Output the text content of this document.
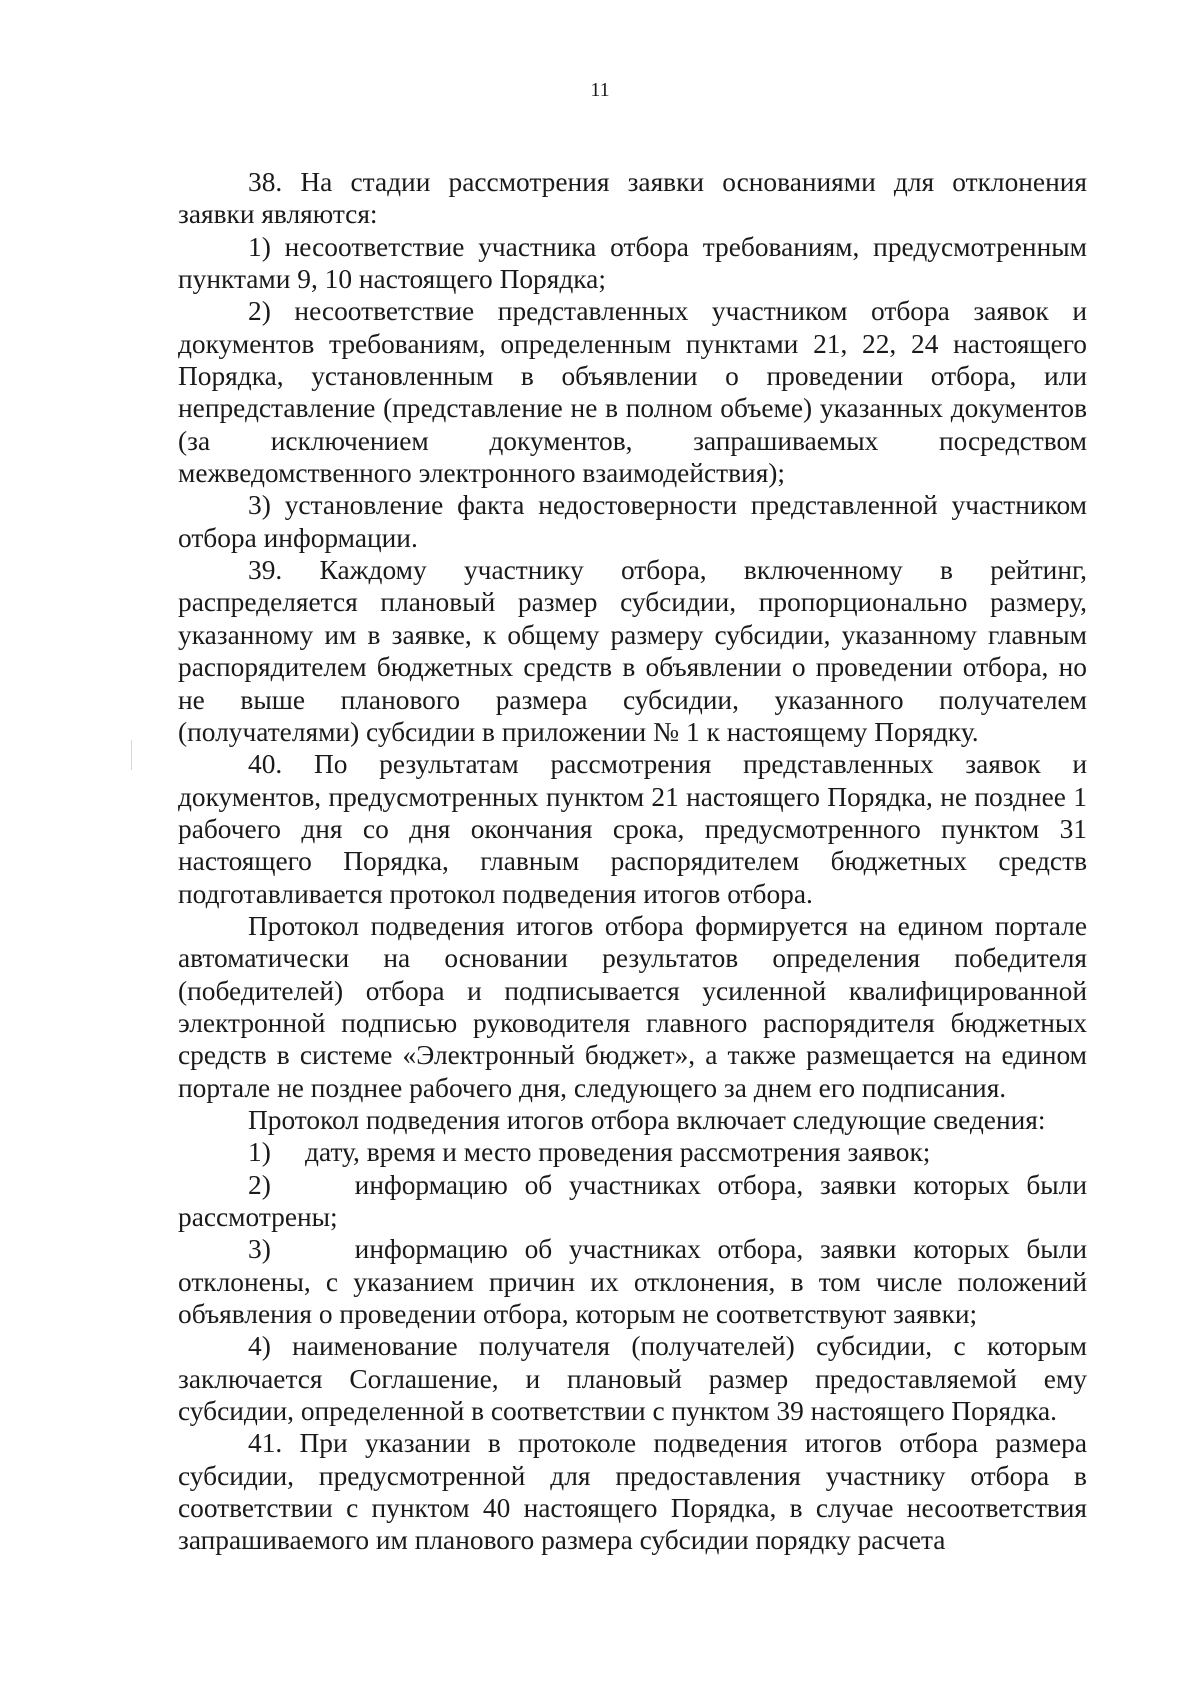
11

38. На стадии рассмотрения заявки основаниями для отклонения заявки являются:

1) несоответствие участника отбора требованиям, предусмотренным пунктами 9, 10 настоящего Порядка;

2) несоответствие представленных участником отбора заявок и документов требованиям, определенным пунктами 21, 22, 24 настоящего Порядка, установленным в объявлении о проведении отбора, или непредставление (представление не в полном объеме) указанных документов (за исключением документов, запрашиваемых посредством межведомственного электронного взаимодействия);

3) установление факта недостоверности представленной участником отбора информации.

39. Каждому участнику отбора, включенному в рейтинг, распределяется плановый размер субсидии, пропорционально размеру, указанному им в заявке, к общему размеру субсидии, указанному главным распорядителем бюджетных средств в объявлении о проведении отбора, но не выше планового размера субсидии, указанного получателем (получателями) субсидии в приложении № 1 к настоящему Порядку.

40. По результатам рассмотрения представленных заявок и документов, предусмотренных пунктом 21 настоящего Порядка, не позднее 1 рабочего дня со дня окончания срока, предусмотренного пунктом 31 настоящего Порядка, главным распорядителем бюджетных средств подготавливается протокол подведения итогов отбора.

Протокол подведения итогов отбора формируется на едином портале автоматически на основании результатов определения победителя (победителей) отбора и подписывается усиленной квалифицированной электронной подписью руководителя главного распорядителя бюджетных средств в системе «Электронный бюджет», а также размещается на едином портале не позднее рабочего дня, следующего за днем его подписания.

Протокол подведения итогов отбора включает следующие сведения:

1)     дату, время и место проведения рассмотрения заявок;

2)     информацию об участниках отбора, заявки которых были рассмотрены;

3)     информацию об участниках отбора, заявки которых были отклонены, с указанием причин их отклонения, в том числе положений объявления о проведении отбора, которым не соответствуют заявки;

4) наименование получателя (получателей) субсидии, с которым заключается Соглашение, и плановый размер предоставляемой ему субсидии, определенной в соответствии с пунктом 39 настоящего Порядка.

41. При указании в протоколе подведения итогов отбора размера субсидии, предусмотренной для предоставления участнику отбора в соответствии с пунктом 40 настоящего Порядка, в случае несоответствия запрашиваемого им планового размера субсидии порядку расчета
